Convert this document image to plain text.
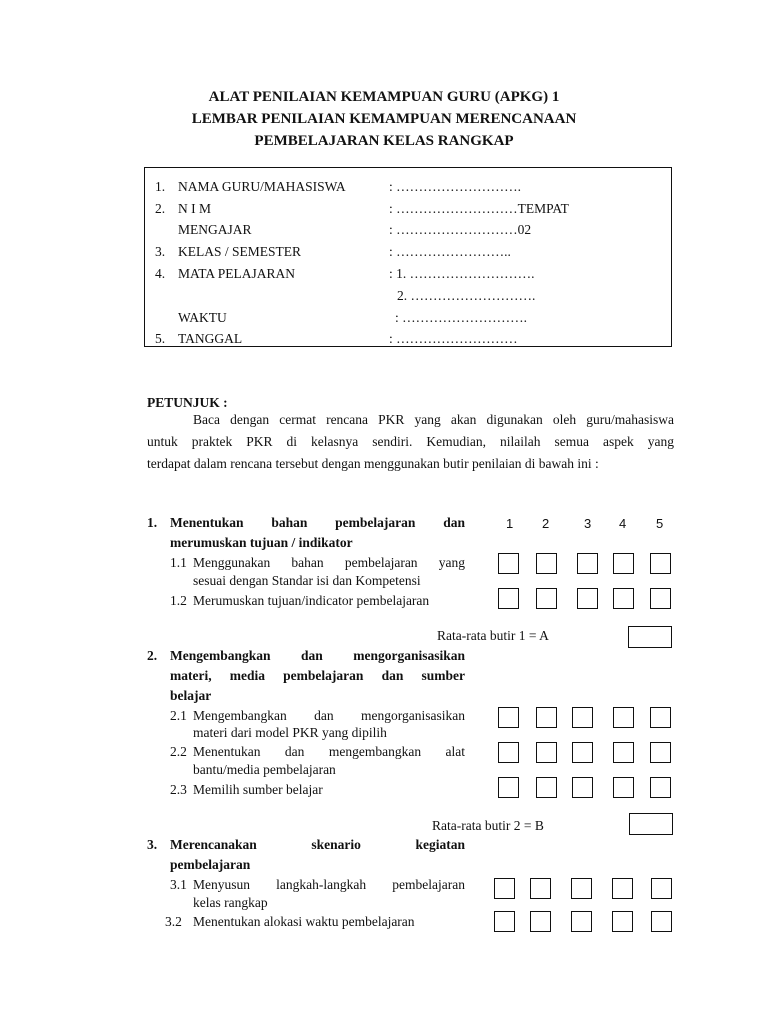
ALAT PENILAIAN KEMAMPUAN GURU (APKG) 1
LEMBAR PENILAIAN KEMAMPUAN MERENCANAAN
PEMBELAJARAN KELAS RANGKAP
1. NAMA GURU/MAHASISWA	: ……………………….
2. N I M	: ………………………TEMPAT
MENGAJAR	: ………………………02
3. KELAS / SEMESTER	: ……………………..
4. MATA PELAJARAN	: 1. ……………………….
2. ……………………….
WAKTU	: ……………………….
5. TANGGAL	: ………………………
PETUNJUK :
Baca dengan cermat rencana PKR yang akan digunakan oleh guru/mahasiswa
untuk praktek PKR di kelasnya sendiri. Kemudian, nilailah semua aspek yang
terdapat dalam rencana tersebut dengan menggunakan butir penilaian di bawah ini :
1 2	3 4 5
1. Menentukan bahan pembelajaran dan
merumuskan tujuan / indikator
1.1 Menggunakan bahan pembelajaran yang
sesuai dengan Standar isi dan Kompetensi
1.2 Merumuskan tujuan/indicator pembelajaran
Rata-rata butir 1 = A
2. Mengembangkan dan mengorganisasikan
materi, media pembelajaran dan sumber
belajar
2.1 Mengembangkan dan mengorganisasikan
materi dari model PKR yang dipilih
2.2 Menentukan dan mengembangkan alat
bantu/media pembelajaran
2.3 Memilih sumber belajar
Rata-rata butir 2 = B
3. Merencanakan skenario kegiatan
pembelajaran
3.1 Menyusun langkah-langkah pembelajaran
kelas rangkap
3.2 Menentukan alokasi waktu pembelajaran
